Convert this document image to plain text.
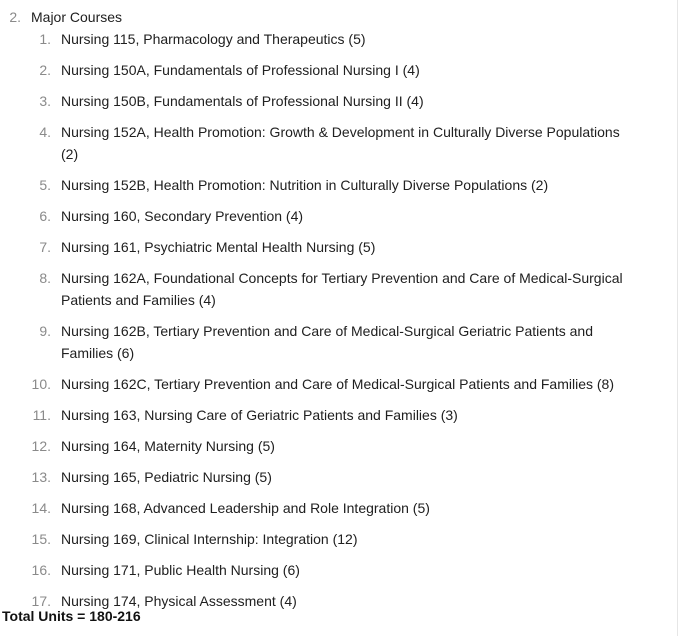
2. Major Courses
1. Nursing 115, Pharmacology and Therapeutics (5)
2. Nursing 150A, Fundamentals of Professional Nursing I (4)
3. Nursing 150B, Fundamentals of Professional Nursing II (4)
4. Nursing 152A, Health Promotion: Growth & Development in Culturally Diverse Populations (2)
5. Nursing 152B, Health Promotion: Nutrition in Culturally Diverse Populations (2)
6. Nursing 160, Secondary Prevention (4)
7. Nursing 161, Psychiatric Mental Health Nursing (5)
8. Nursing 162A, Foundational Concepts for Tertiary Prevention and Care of Medical-Surgical Patients and Families (4)
9. Nursing 162B, Tertiary Prevention and Care of Medical-Surgical Geriatric Patients and Families (6)
10. Nursing 162C, Tertiary Prevention and Care of Medical-Surgical Patients and Families (8)
11. Nursing 163, Nursing Care of Geriatric Patients and Families (3)
12. Nursing 164, Maternity Nursing (5)
13. Nursing 165, Pediatric Nursing (5)
14. Nursing 168, Advanced Leadership and Role Integration (5)
15. Nursing 169, Clinical Internship: Integration (12)
16. Nursing 171, Public Health Nursing (6)
17. Nursing 174, Physical Assessment (4)
Total Units = 180-216
